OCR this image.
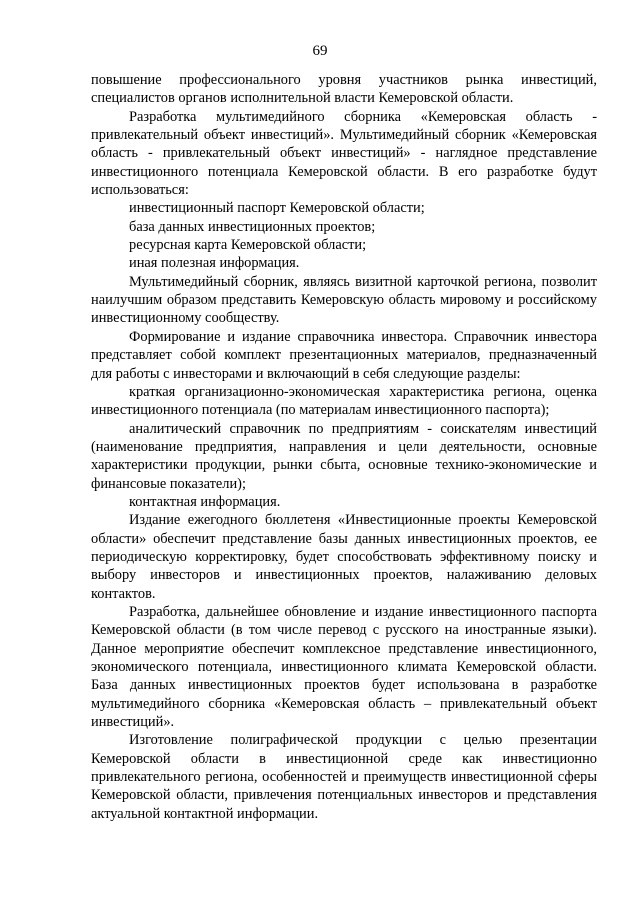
69

повышение профессионального уровня участников рынка инвестиций, специалистов органов исполнительной власти Кемеровской области.

Разработка мультимедийного сборника «Кемеровская область - привлекательный объект инвестиций». Мультимедийный сборник «Кемеровская область - привлекательный объект инвестиций» - наглядное представление инвестиционного потенциала Кемеровской области. В его разработке будут использоваться:

инвестиционный паспорт Кемеровской области;

база данных инвестиционных проектов;

ресурсная карта Кемеровской области;

иная полезная информация.

Мультимедийный сборник, являясь визитной карточкой региона, позволит наилучшим образом представить Кемеровскую область мировому и российскому инвестиционному сообществу.

Формирование и издание справочника инвестора. Справочник инвестора представляет собой комплект презентационных материалов, предназначенный для работы с инвесторами и включающий в себя следующие разделы:

краткая организационно-экономическая характеристика региона, оценка инвестиционного потенциала (по материалам инвестиционного паспорта);

аналитический справочник по предприятиям - соискателям инвестиций (наименование предприятия, направления и цели деятельности, основные характеристики продукции, рынки сбыта, основные технико-экономические и финансовые показатели);

контактная информация.

Издание ежегодного бюллетеня «Инвестиционные проекты Кемеровской области» обеспечит представление базы данных инвестиционных проектов, ее периодическую корректировку, будет способствовать эффективному поиску и выбору инвесторов и инвестиционных проектов, налаживанию деловых контактов.

Разработка, дальнейшее обновление и издание инвестиционного паспорта Кемеровской области (в том числе перевод с русского на иностранные языки). Данное мероприятие обеспечит комплексное представление инвестиционного, экономического потенциала, инвестиционного климата Кемеровской области. База данных инвестиционных проектов будет использована в разработке мультимедийного сборника «Кемеровская область – привлекательный объект инвестиций».

Изготовление полиграфической продукции с целью презентации Кемеровской области в инвестиционной среде как инвестиционно привлекательного региона, особенностей и преимуществ инвестиционной сферы Кемеровской области, привлечения потенциальных инвесторов и представления актуальной контактной информации.
